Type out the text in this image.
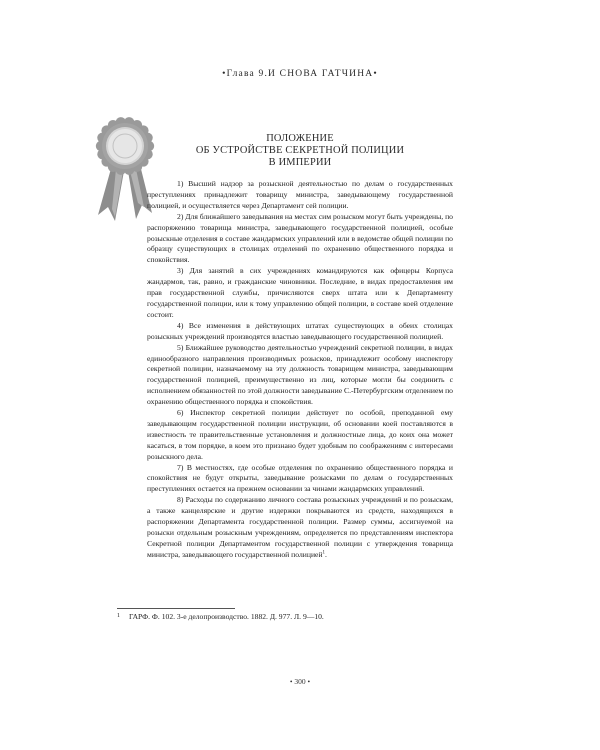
•Глава 9.И СНОВА ГАТЧИНА•
ПОЛОЖЕНИЕ
ОБ УСТРОЙСТВЕ СЕКРЕТНОЙ ПОЛИЦИИ
В ИМПЕРИИ

1) Высший надзор за розыскной деятельностью по делам о государственных преступлениях принадлежит товарищу министра, заведывающему государственной полицией, и осуществляется через Департамент сей полиции.

2) Для ближайшего заведывания на местах сим розыском могут быть учреждены, по распоряжению товарища министра, заведывающего государственной полицией, особые розыскные отделения в составе жандармских управлений или в ведомстве общей полиции по образцу существующих в столицах отделений по охранению общественного порядка и спокойствия.

3) Для занятий в сих учреждениях командируются как офицеры Корпуса жандармов, так, равно, и гражданские чиновники. Последние, в видах предоставления им прав государственной службы, причисляются сверх штата или к Департаменту государственной полиции, или к тому управлению общей полиции, в составе коей отделение состоит.

4) Все изменения в действующих штатах существующих в обеих столицах розыскных учреждений производятся властью заведывающего государственной полицией.

5) Ближайшее руководство деятельностью учреждений секретной полиции, в видах единообразного направления производимых розысков, принадлежит особому инспектору секретной полиции, назначаемому на эту должность товарищем министра, заведывающим государственной полицией, преимущественно из лиц, которые могли бы соединить с исполнением обязанностей по этой должности заведывание С.-Петербургским отделением по охранению общественного порядка и спокойствия.

6) Инспектор секретной полиции действует по особой, преподанной ему заведывающим государственной полиции инструкции, об основании коей поставляются в известность те правительственные установления и должностные лица, до коих она может касаться, в том порядке, в коем это признано будет удобным по соображениям с интересами розыскного дела.

7) В местностях, где особые отделения по охранению общественного порядка и спокойствия не будут открыты, заведывание розысками по делам о государственных преступлениях остается на прежнем основании за чинами жандармских управлений.

8) Расходы по содержанию личного состава розыскных учреждений и по розыскам, а также канцелярские и другие издержки покрываются из средств, находящихся в распоряжении Департамента государственной полиции. Размер суммы, ассигнуемой на розыски отдельным розыскным учреждениям, определяется по представлениям инспектора Секретной полиции Департаментом государственной полиции с утверждения товарища министра, заведывающего государственной полицией$^1$.

1 ГАРФ. Ф. 102. 3-е делопроизводство. 1882. Д. 977. Л. 9—10.
• 300 •
